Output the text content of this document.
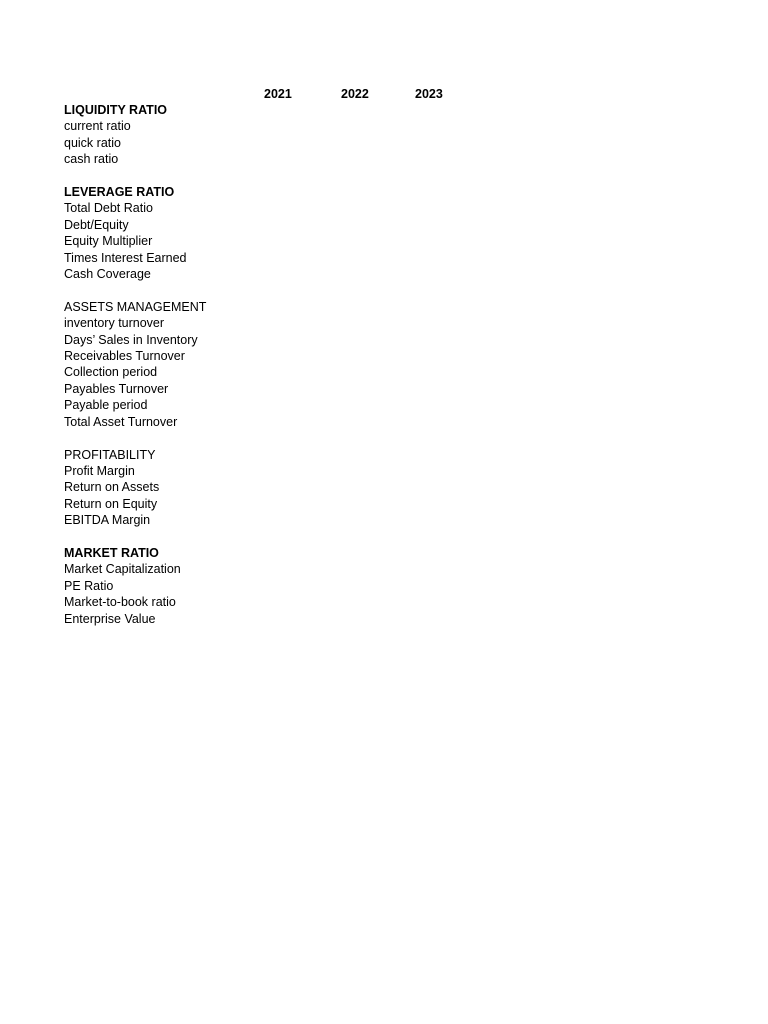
2021	2022	2023
LIQUIDITY RATIO
current ratio
quick ratio
cash ratio
LEVERAGE RATIO
Total Debt Ratio
Debt/Equity
Equity Multiplier
Times Interest Earned
Cash Coverage
ASSETS MANAGEMENT
inventory turnover
Days’ Sales in Inventory
Receivables Turnover
Collection period
Payables Turnover
Payable period
Total Asset Turnover
PROFITABILITY
Profit Margin
Return on Assets
Return on Equity
EBITDA Margin
MARKET RATIO
Market Capitalization
PE Ratio
Market-to-book ratio
Enterprise Value
